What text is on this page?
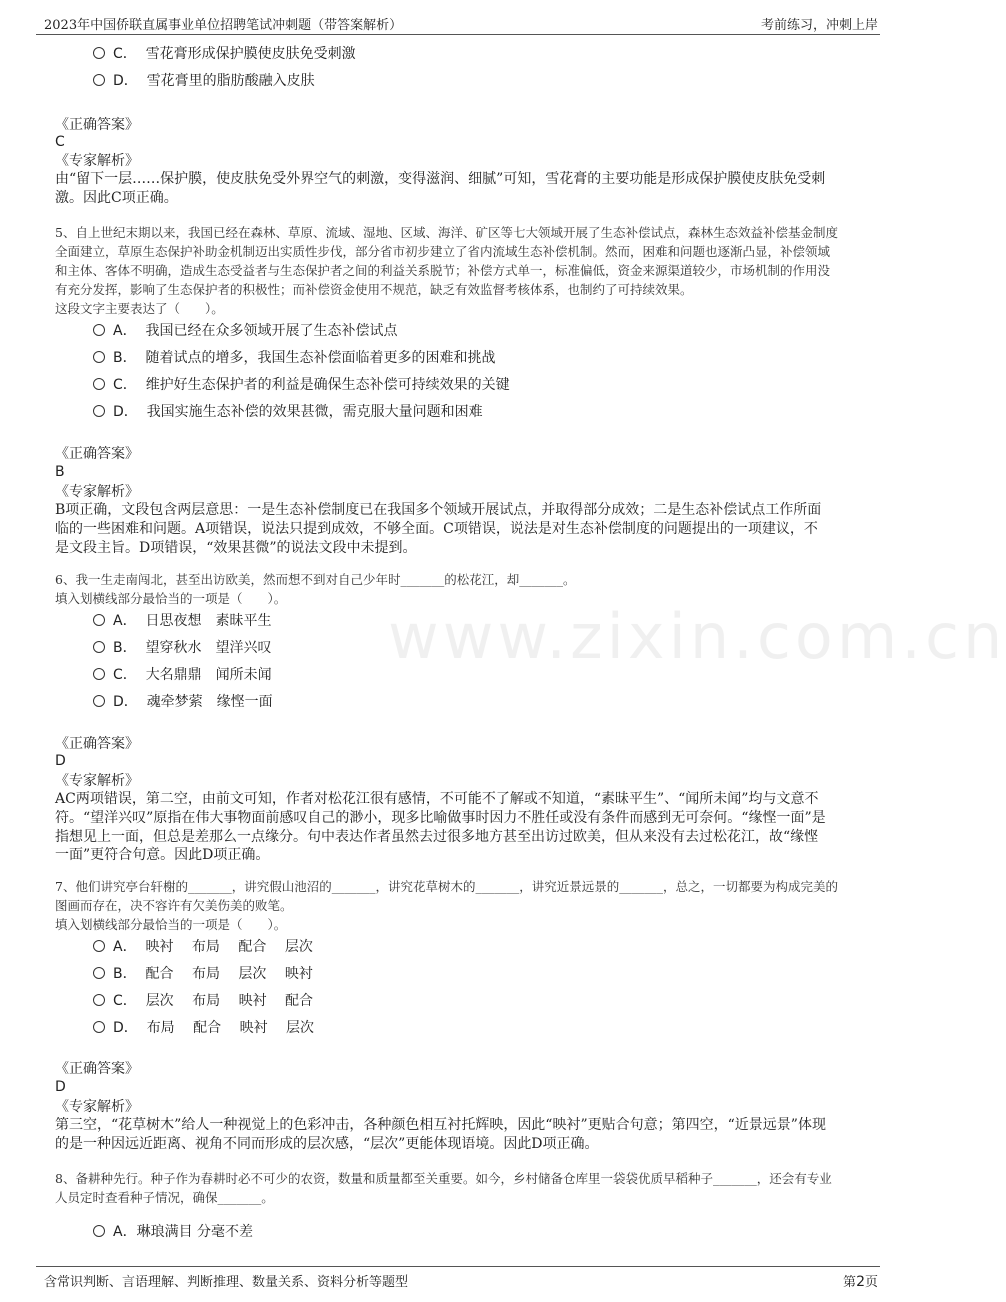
2023年中国侨联直属事业单位招聘笔试冲刺题（带答案解析）	考前练习，冲刺上岸
www.zixin.com.cn
C． 雪花膏形成保护膜使皮肤免受刺激
D． 雪花膏里的脂肪酸融入皮肤
《正确答案》
C
《专家解析》
由“留下一层……保护膜，使皮肤免受外界空气的刺激，变得滋润、细腻”可知，雪花膏的主要功能是形成保护膜使皮肤免受刺
激。因此C项正确。
5、自上世纪末期以来，我国已经在森林、草原、流域、湿地、区域、海洋、矿区等七大领域开展了生态补偿试点，森林生态效益补偿基金制度
全面建立，草原生态保护补助金机制迈出实质性步伐，部分省市初步建立了省内流域生态补偿机制。然而，困难和问题也逐渐凸显，补偿领域
和主体、客体不明确，造成生态受益者与生态保护者之间的利益关系脱节；补偿方式单一，标准偏低，资金来源渠道较少，市场机制的作用没
有充分发挥，影响了生态保护者的积极性；而补偿资金使用不规范，缺乏有效监督考核体系，也制约了可持续效果。
这段文字主要表达了（　　）。
A． 我国已经在众多领域开展了生态补偿试点
B． 随着试点的增多，我国生态补偿面临着更多的困难和挑战
C． 维护好生态保护者的利益是确保生态补偿可持续效果的关键
D． 我国实施生态补偿的效果甚微，需克服大量问题和困难
《正确答案》
B
《专家解析》
B项正确，文段包含两层意思：一是生态补偿制度已在我国多个领域开展试点，并取得部分成效；二是生态补偿试点工作所面
临的一些困难和问题。A项错误，说法只提到成效，不够全面。C项错误，说法是对生态补偿制度的问题提出的一项建议，不
是文段主旨。D项错误，“效果甚微”的说法文段中未提到。
6、我一生走南闯北，甚至出访欧美，然而想不到对自己少年时_______的松花江，却_______。
填入划横线部分最恰当的一项是（　　）。
A． 日思夜想　素昧平生
B． 望穿秋水　望洋兴叹
C． 大名鼎鼎　闻所未闻
D． 魂牵梦萦　缘悭一面
《正确答案》
D
《专家解析》
AC两项错误，第二空，由前文可知，作者对松花江很有感情，不可能不了解或不知道，“素昧平生”、“闻所未闻”均与文意不
符。“望洋兴叹”原指在伟大事物面前感叹自己的渺小，现多比喻做事时因力不胜任或没有条件而感到无可奈何。“缘悭一面”是
指想见上一面，但总是差那么一点缘分。句中表达作者虽然去过很多地方甚至出访过欧美，但从来没有去过松花江，故“缘悭
一面”更符合句意。因此D项正确。
7、他们讲究亭台轩榭的_______，讲究假山池沼的_______，讲究花草树木的_______，讲究近景远景的_______，总之，一切都要为构成完美的
图画而存在，决不容许有欠美伤美的败笔。
填入划横线部分最恰当的一项是（　　）。
A． 映衬　 布局　 配合　 层次
B． 配合　 布局　 层次　 映衬
C． 层次　 布局　 映衬　 配合
D． 布局　 配合　 映衬　 层次
《正确答案》
D
《专家解析》
第三空，“花草树木”给人一种视觉上的色彩冲击，各种颜色相互衬托辉映，因此“映衬”更贴合句意；第四空，“近景远景”体现
的是一种因远近距离、视角不同而形成的层次感，“层次”更能体现语境。因此D项正确。
8、备耕种先行。种子作为春耕时必不可少的农资，数量和质量都至关重要。如今，乡村储备仓库里一袋袋优质早稻种子_______，还会有专业
人员定时查看种子情况，确保_______。
A．琳琅满目 分毫不差
含常识判断、言语理解、判断推理、数量关系、资料分析等题型	第2页
